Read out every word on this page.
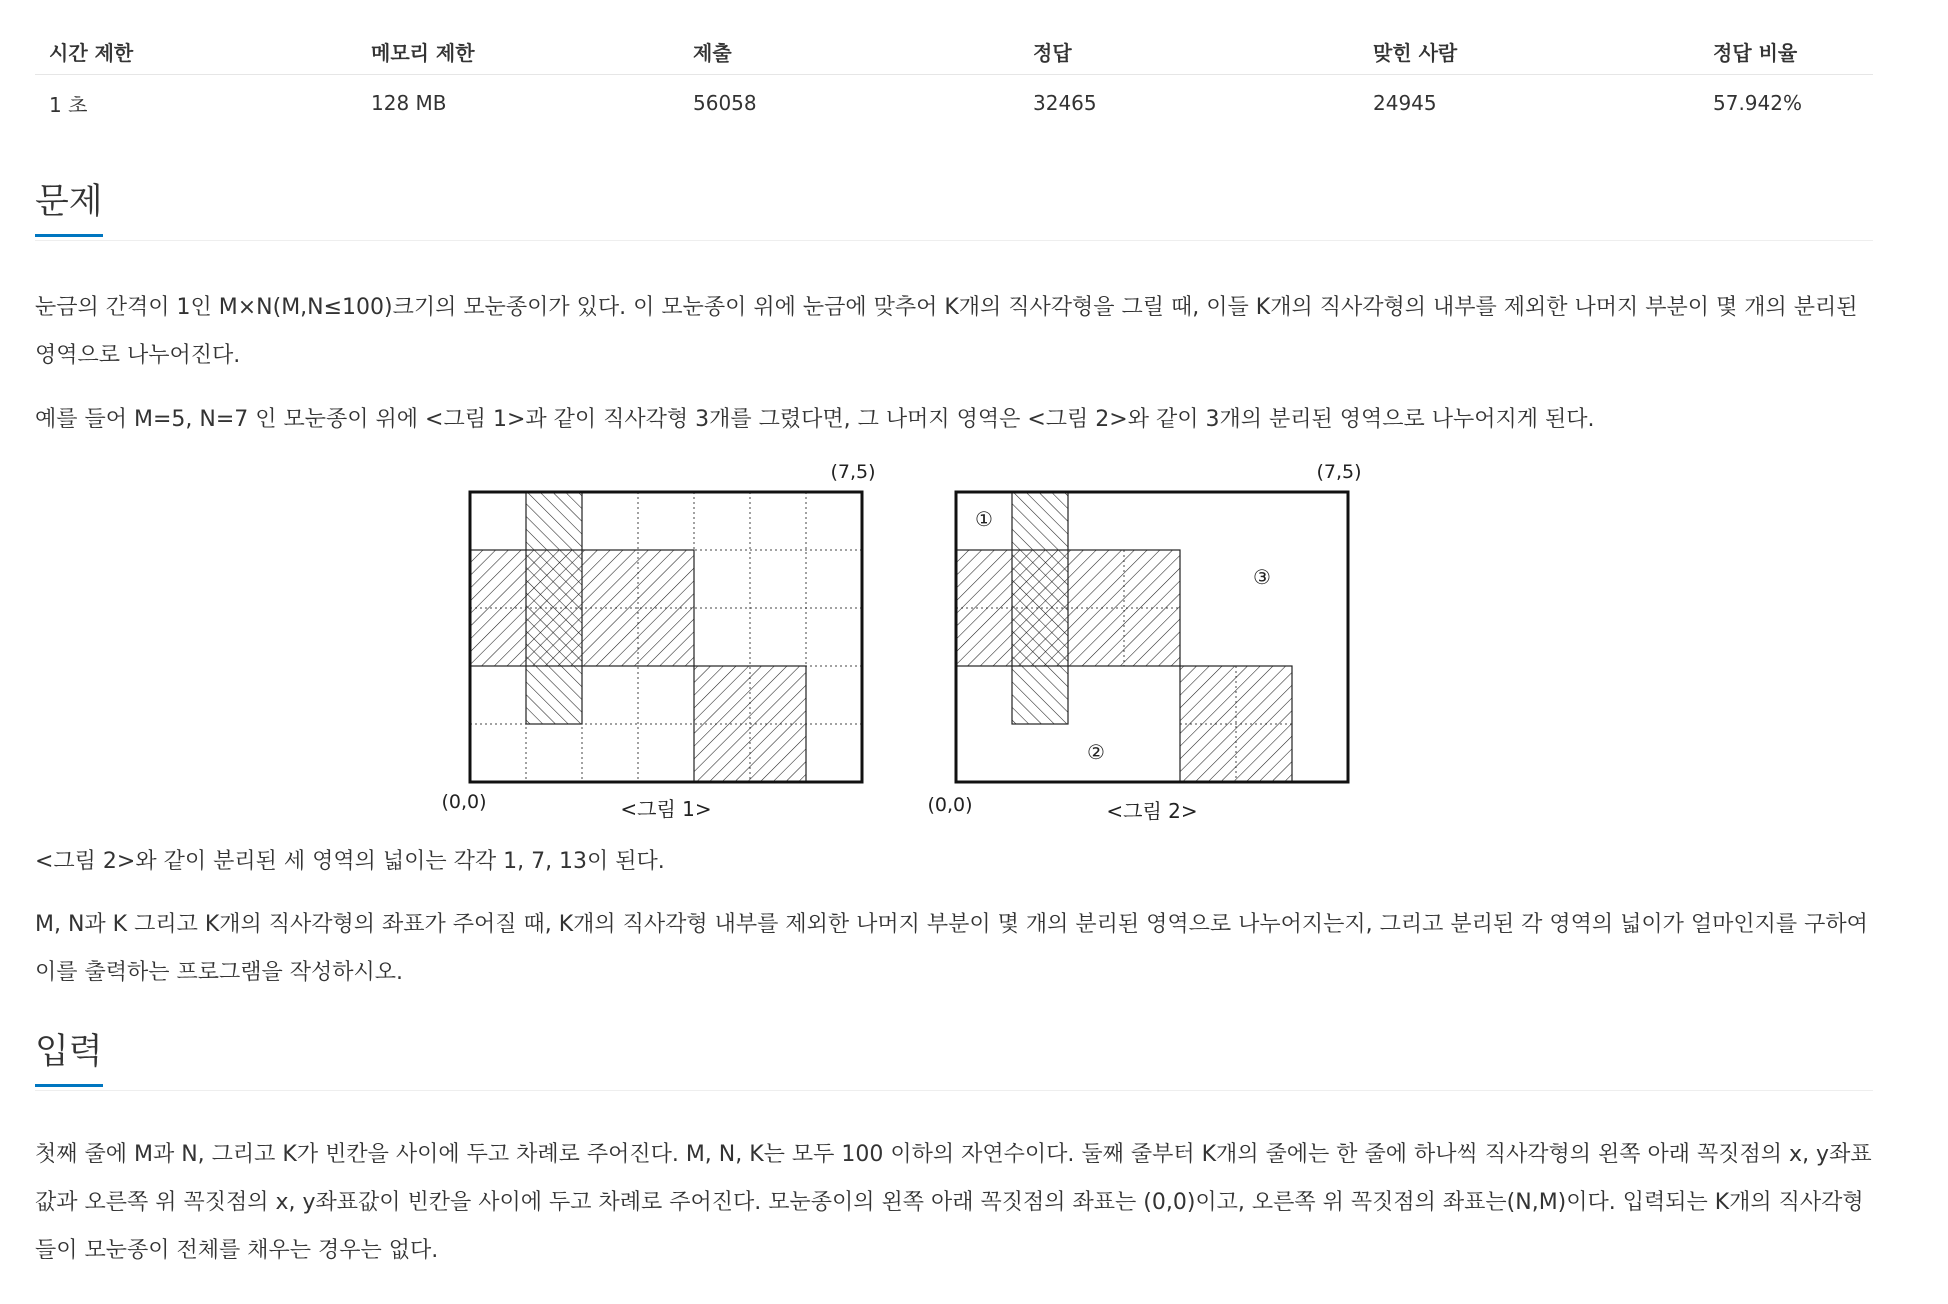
시간 제한	메모리 제한	제출	정답	맞힌 사람	정답 비율
1 초	128 MB	56058	32465	24945	57.942%
문제

눈금의 간격이 1인 M×N(M,N≤100)크기의 모눈종이가 있다. 이 모눈종이 위에 눈금에 맞추어 K개의 직사각형을 그릴 때, 이들 K개의 직사각형의 내부를 제외한 나머지 부분이 몇 개의 분리된 영역으로 나누어진다.

예를 들어 M=5, N=7 인 모눈종이 위에 <그림 1>과 같이 직사각형 3개를 그렸다면, 그 나머지 영역은 <그림 2>와 같이 3개의 분리된 영역으로 나누어지게 된다.

(7,5)
(0,0)	<그림 1>
①
②
③
(7,5)
(0,0)	<그림 2>

<그림 2>와 같이 분리된 세 영역의 넓이는 각각 1, 7, 13이 된다.

M, N과 K 그리고 K개의 직사각형의 좌표가 주어질 때, K개의 직사각형 내부를 제외한 나머지 부분이 몇 개의 분리된 영역으로 나누어지는지, 그리고 분리된 각 영역의 넓이가 얼마인지를 구하여 이를 출력하는 프로그램을 작성하시오.

입력

첫째 줄에 M과 N, 그리고 K가 빈칸을 사이에 두고 차례로 주어진다. M, N, K는 모두 100 이하의 자연수이다. 둘째 줄부터 K개의 줄에는 한 줄에 하나씩 직사각형의 왼쪽 아래 꼭짓점의 x, y좌표값과 오른쪽 위 꼭짓점의 x, y좌표값이 빈칸을 사이에 두고 차례로 주어진다. 모눈종이의 왼쪽 아래 꼭짓점의 좌표는 (0,0)이고, 오른쪽 위 꼭짓점의 좌표는(N,M)이다. 입력되는 K개의 직사각형들이 모눈종이 전체를 채우는 경우는 없다.
